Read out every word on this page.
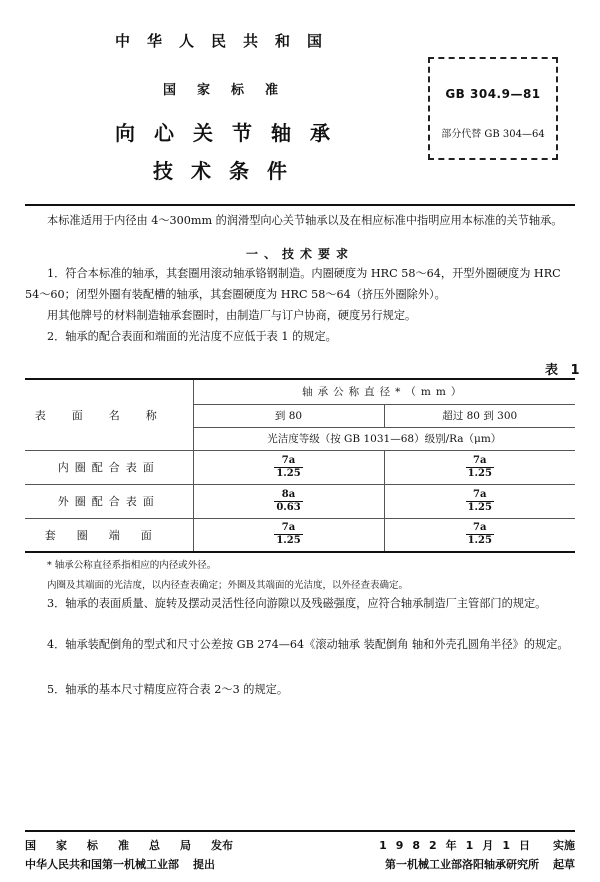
中华人民共和国
国家标准
向心关节轴承
技术条件
GB 304.9—81
部分代替 GB 304—64

本标准适用于内径由 4～300mm 的润滑型向心关节轴承以及在相应标准中指明应用本标准的关节轴承。

一、技术要求

1．符合本标准的轴承，其套圈用滚动轴承铬钢制造。内圈硬度为 HRC 58～64，开型外圈硬度为 HRC 54～60；闭型外圈有装配槽的轴承，其套圈硬度为 HRC 58～64（挤压外圈除外）。

用其他牌号的材料制造轴承套圈时，由制造厂与订户协商，硬度另行规定。

2．轴承的配合表面和端面的光洁度不应低于表 1 的规定。

表 1
表面名称	轴承公称直径*（mm）	
	到 80	超过 80 到 300
	光洁度等级（按 GB 1031—68）级别/Ra（μm）	
内圈配合表面	$\frac{7a}{1.25}$	$\frac{7a}{1.25}$

外圈配合表面	$\frac{8a}{0.63}$	$\frac{7a}{1.25}$

套圈端面	$\frac{7a}{1.25}$	$\frac{7a}{1.25}$
* 轴承公称直径系指相应的内径或外径。
内圈及其端面的光洁度，以内径查表确定；外圈及其端面的光洁度，以外径查表确定。

3．轴承的表面质量、旋转及摆动灵活性径向游隙以及残磁强度，应符合轴承制造厂主管部门的规定。

4．轴承装配倒角的型式和尺寸公差按 GB 274—64《滚动轴承 装配倒角 轴和外壳孔圆角半径》的规定。

5．轴承的基本尺寸精度应符合表 2～3 的规定。

国家标准总局发布
中华人民共和国第一机械工业部 提出
1982年1月1日 实施
第一机械工业部洛阳轴承研究所 起草
